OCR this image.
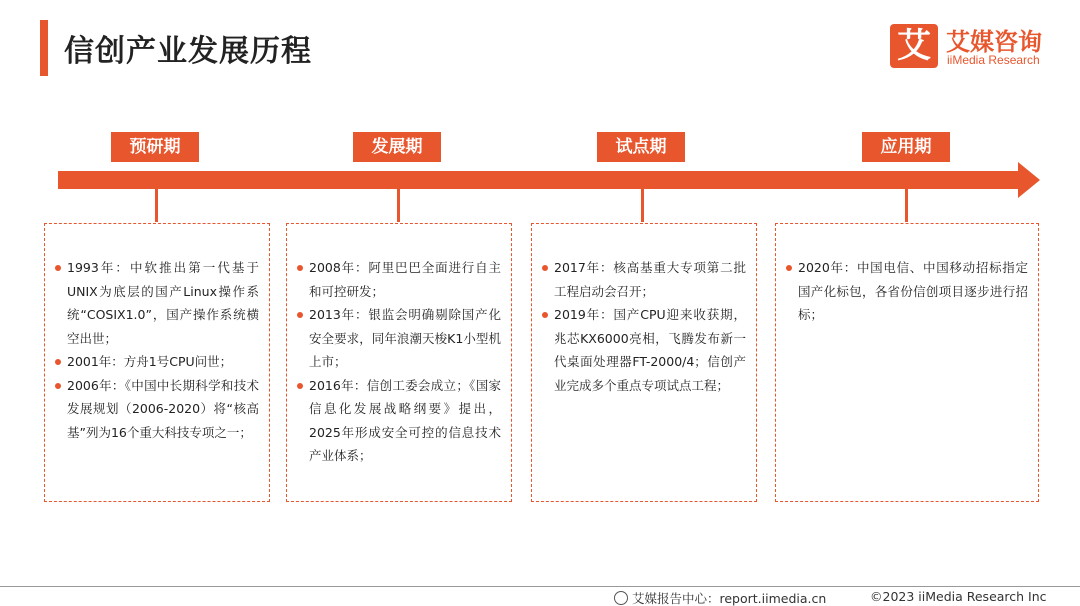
信创产业发展历程	艾 艾媒咨询
iiMedia Research
预研期	发展期	试点期	应用期
1993年：中软推出第一代基于UNIX为底层的国产Linux操作系统“COSIX1.0”，国产操作系统横空出世；
2001年：方舟1号CPU问世；
2006年：《中国中长期科学和技术发展规划（2006-2020）将“核高基”列为16个重大科技专项之一；
2008年：阿里巴巴全面进行自主和可控研发；
2013年：银监会明确剔除国产化安全要求，同年浪潮天梭K1小型机上市；
2016年：信创工委会成立；《国家信息化发展战略纲要》提出，2025年形成安全可控的信息技术产业体系；
2017年：核高基重大专项第二批工程启动会召开；
2019年：国产CPU迎来收获期，兆芯KX6000亮相，飞腾发布新一代桌面处理器FT-2000/4；信创产业完成多个重点专项试点工程；
2020年：中国电信、中国移动招标指定国产化标包，各省份信创项目逐步进行招标；
艾媒报告中心：report.iimedia.cn	©2023 iiMedia Research Inc
